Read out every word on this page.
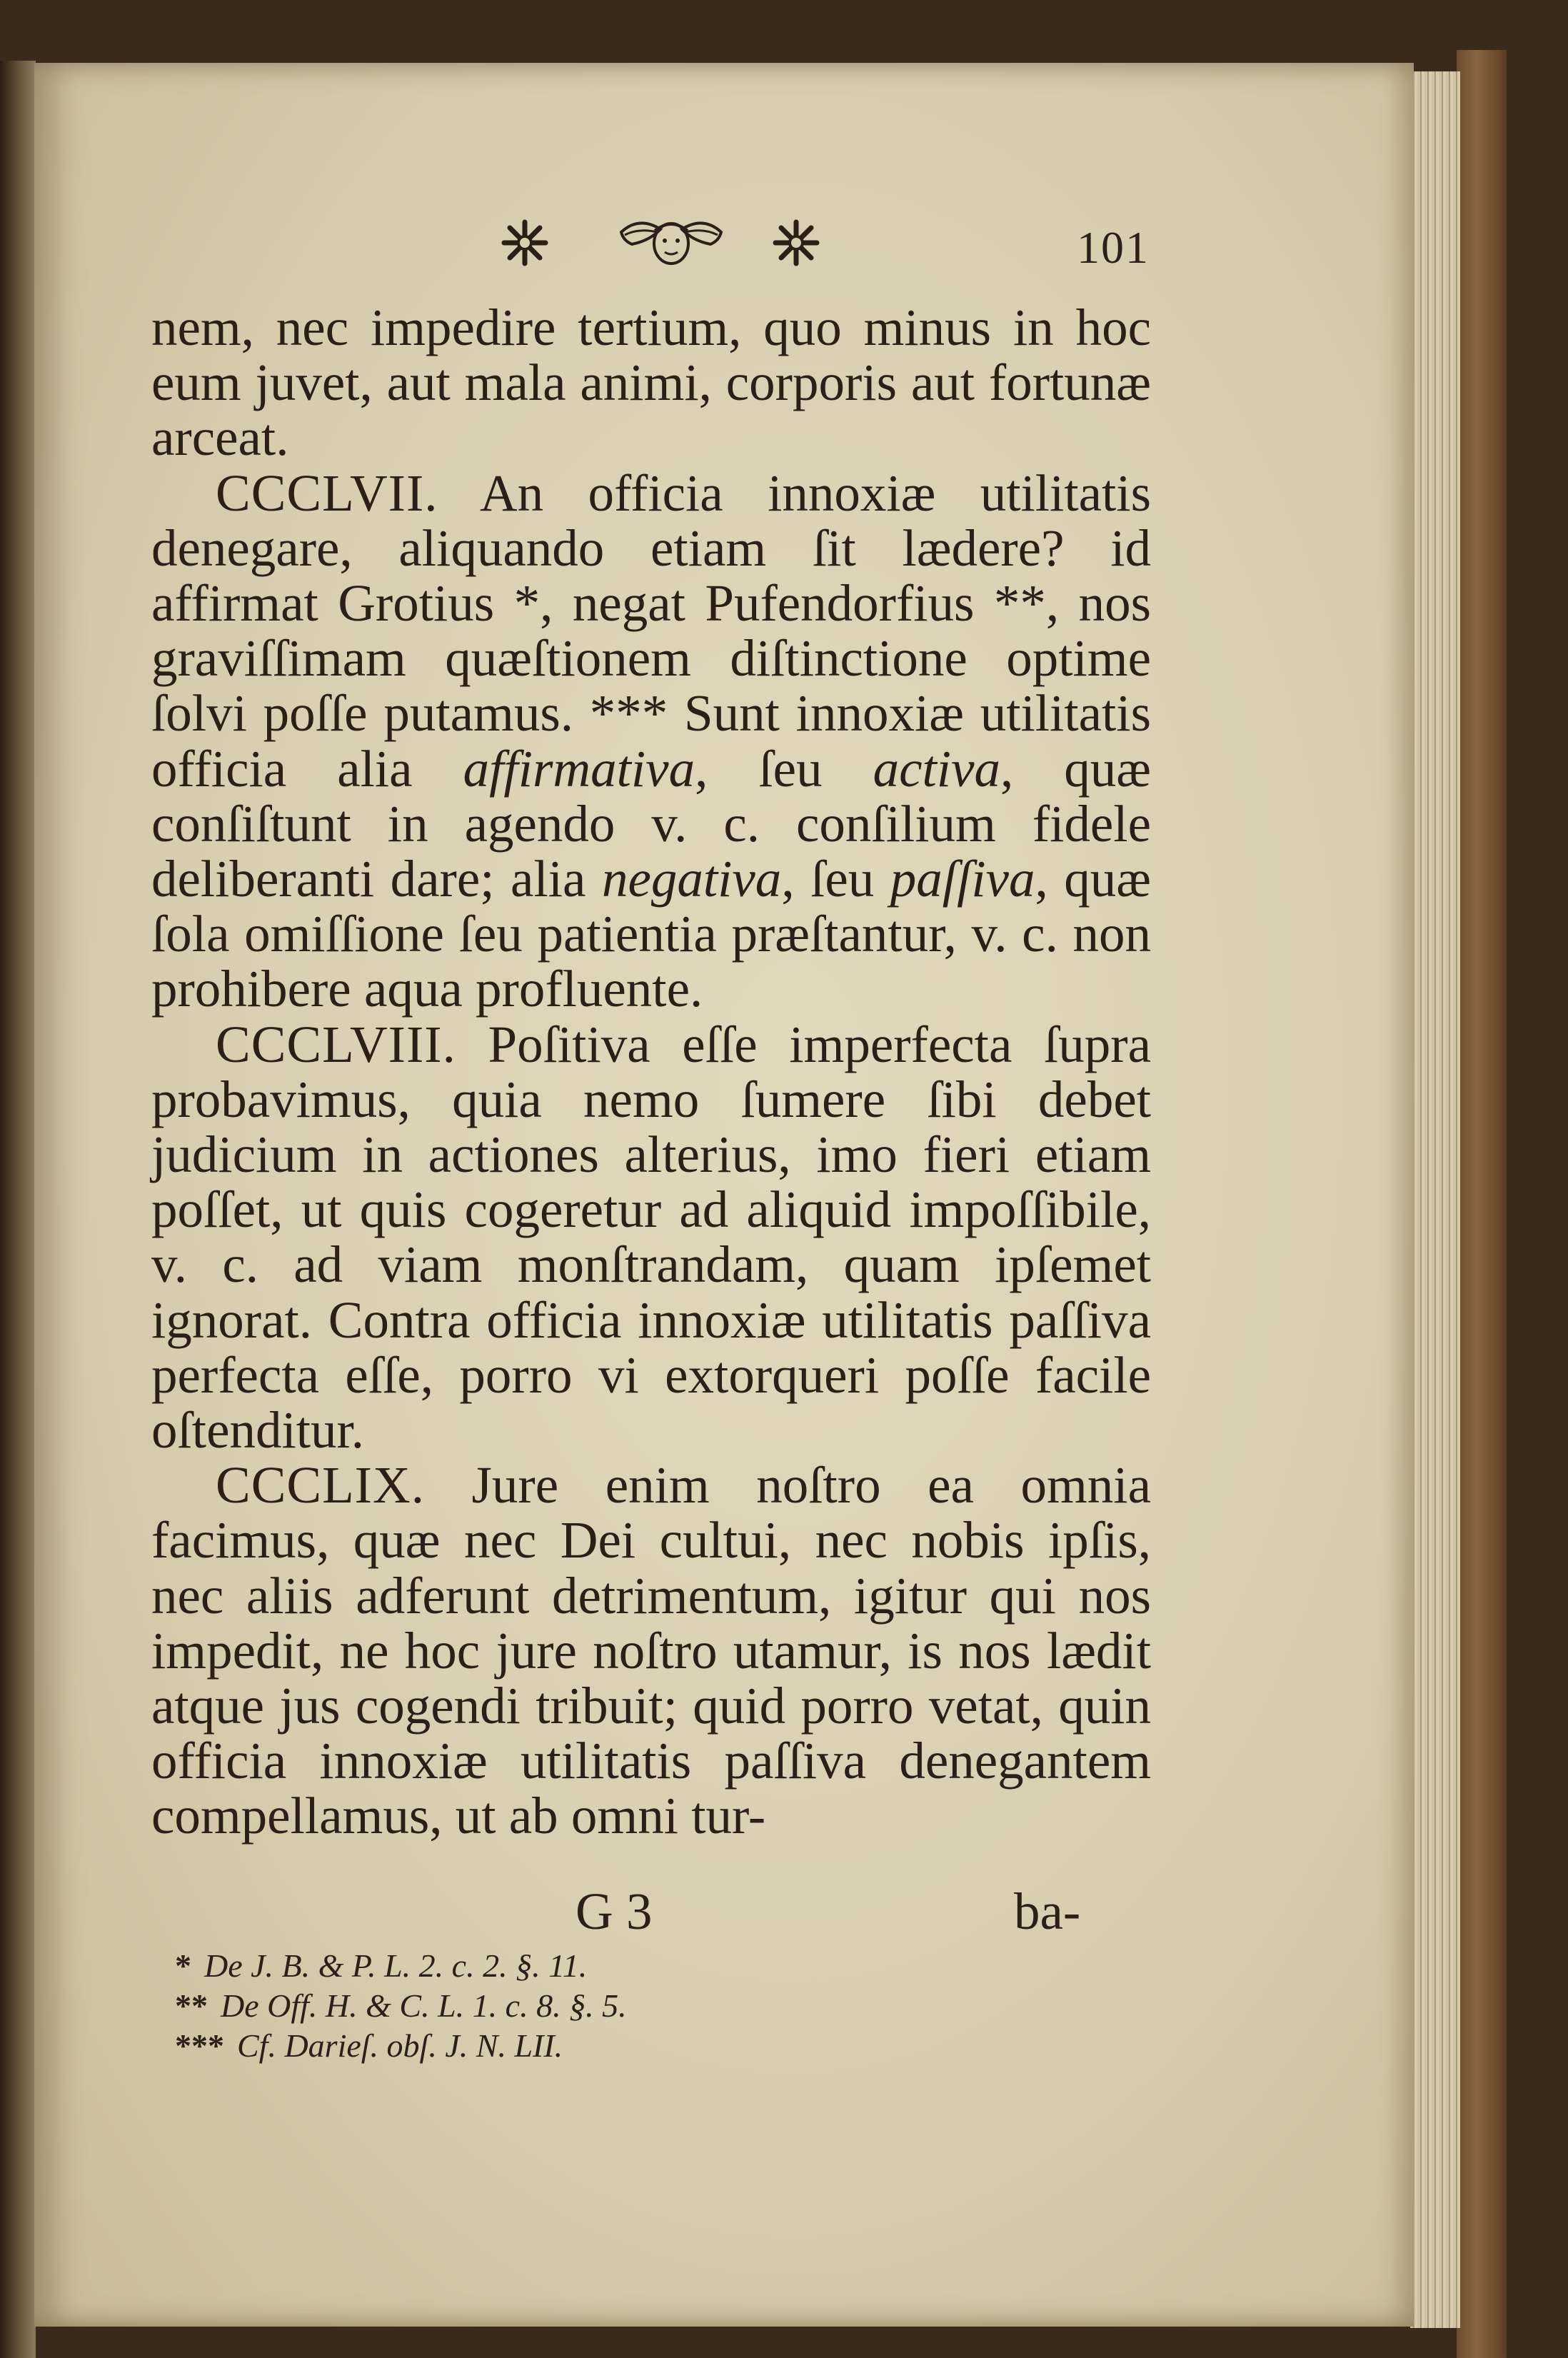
101

nem, nec impedire tertium, quo minus in hoc eum juvet, aut mala animi, corporis aut fortunæ arceat.

CCCLVII. An officia innoxiæ utilitatis denegare, aliquando etiam ſit lædere? id affirmat Grotius *, negat Pufendorfius **, nos graviſſimam quæſtionem diſtinctione optime ſolvi poſſe putamus. *** Sunt innoxiæ utilitatis officia alia affirmativa, ſeu activa, quæ conſiſtunt in agendo v. c. conſilium fidele deliberanti dare; alia negativa, ſeu paſſiva, quæ ſola omiſſione ſeu patientia præſtantur, v. c. non prohibere aqua profluente.

CCCLVIII. Poſitiva eſſe imperfecta ſupra probavimus, quia nemo ſumere ſibi debet judicium in actiones alterius, imo fieri etiam poſſet, ut quis cogeretur ad aliquid impoſſibile, v. c. ad viam monſtrandam, quam ipſemet ignorat. Contra officia innoxiæ utilitatis paſſiva perfecta eſſe, porro vi extorqueri poſſe facile oſtenditur.

CCCLIX. Jure enim noſtro ea omnia facimus, quæ nec Dei cultui, nec nobis ipſis, nec aliis adferunt detrimentum, igitur qui nos impedit, ne hoc jure noſtro utamur, is nos lædit atque jus cogendi tribuit; quid porro vetat, quin officia innoxiæ utilitatis paſſiva denegantem compellamus, ut ab omni tur-

G 3	ba-
* De J. B. & P. L. 2. c. 2. §. 11.
** De Off. H. & C. L. 1. c. 8. §. 5.
*** Cf. Darieſ. obſ. J. N. LII.
